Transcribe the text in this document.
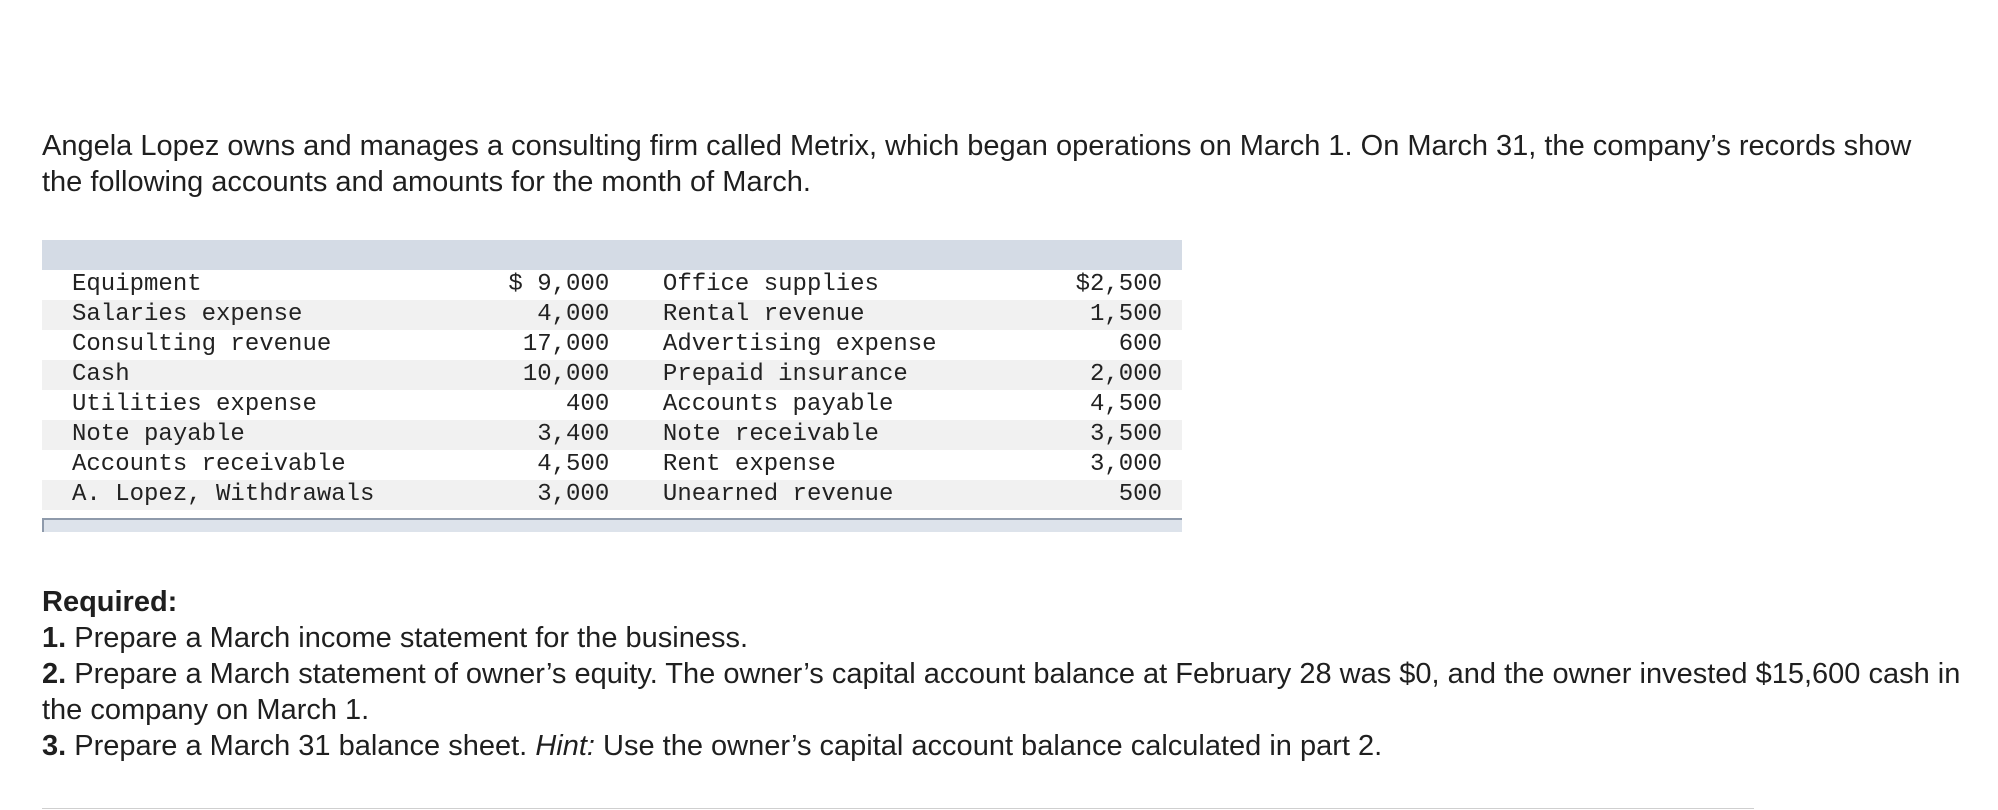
Angela Lopez owns and manages a consulting firm called Metrix, which began operations on March 1. On March 31, the company’s records show the following accounts and amounts for the month of March.

Equipment	$ 9,000		Office supplies	$2,500
Salaries expense	4,000		Rental revenue	1,500
Consulting revenue	17,000		Advertising expense	600
Cash	10,000		Prepaid insurance	2,000
Utilities expense	400		Accounts payable	4,500
Note payable	3,400		Note receivable	3,500
Accounts receivable	4,500		Rent expense	3,000
A. Lopez, Withdrawals	3,000		Unearned revenue	500
Required:
1. Prepare a March income statement for the business.
2. Prepare a March statement of owner’s equity. The owner’s capital account balance at February 28 was $0, and the owner invested $15,600 cash in the company on March 1.
3. Prepare a March 31 balance sheet. Hint: Use the owner’s capital account balance calculated in part 2.
